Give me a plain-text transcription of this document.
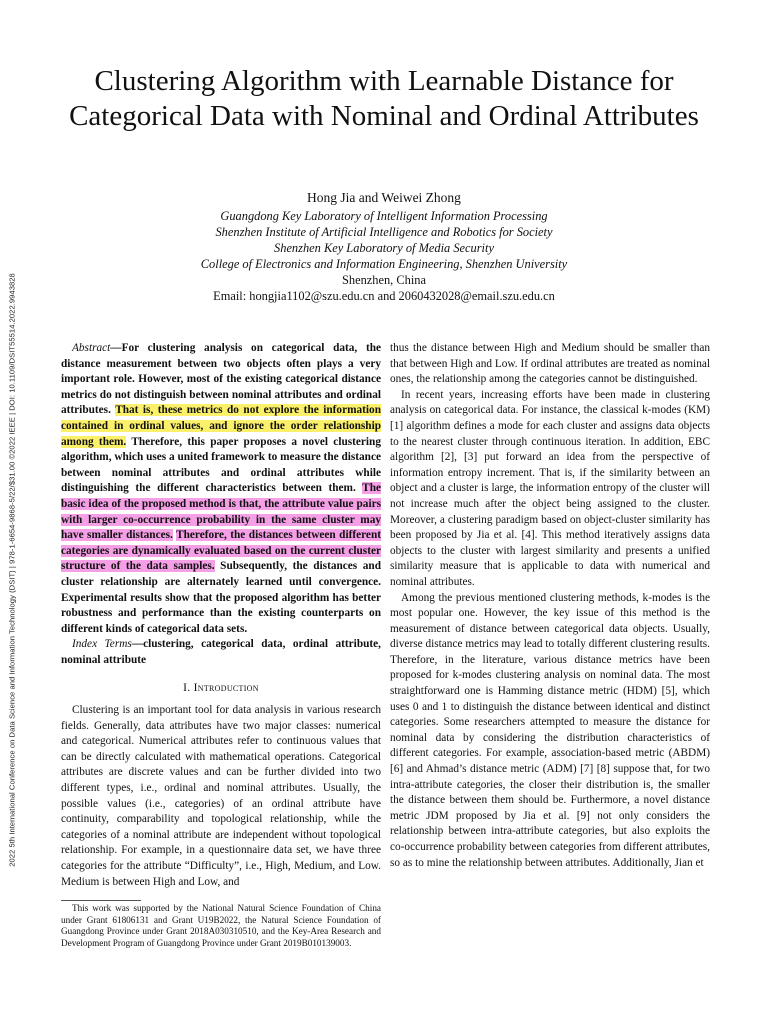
2022 5th International Conference on Data Science and Information Technology (DSIT) | 978-1-6654-9868-5/22/$31.00 ©2022 IEEE | DOI: 10.1109/DSIT55514.2022.9943828
Clustering Algorithm with Learnable Distance for Categorical Data with Nominal and Ordinal Attributes
Hong Jia and Weiwei Zhong
Guangdong Key Laboratory of Intelligent Information Processing
Shenzhen Institute of Artificial Intelligence and Robotics for Society
Shenzhen Key Laboratory of Media Security
College of Electronics and Information Engineering, Shenzhen University
Shenzhen, China
Email: hongjia1102@szu.edu.cn and 2060432028@email.szu.edu.cn

Abstract—For clustering analysis on categorical data, the distance measurement between two objects often plays a very important role. However, most of the existing categorical distance metrics do not distinguish between nominal attributes and ordinal attributes. That is, these metrics do not explore the information contained in ordinal values, and ignore the order relationship among them. Therefore, this paper proposes a novel clustering algorithm, which uses a united framework to measure the distance between nominal attributes and ordinal attributes while distinguishing the different characteristics between them. The basic idea of the proposed method is that, the attribute value pairs with larger co-occurrence probability in the same cluster may have smaller distances. Therefore, the distances between different categories are dynamically evaluated based on the current cluster structure of the data samples. Subsequently, the distances and cluster relationship are alternately learned until convergence. Experimental results show that the proposed algorithm has better robustness and performance than the existing counterparts on different kinds of categorical data sets.

Index Terms—clustering, categorical data, ordinal attribute, nominal attribute

I. Introduction

Clustering is an important tool for data analysis in various research fields. Generally, data attributes have two major classes: numerical and categorical. Numerical attributes refer to continuous values that can be directly calculated with mathematical operations. Categorical attributes are discrete values and can be further divided into two different types, i.e., ordinal and nominal attributes. Usually, the possible values (i.e., categories) of an ordinal attribute have continuity, comparability and topological relationship, while the categories of a nominal attribute are independent without topological relationship. For example, in a questionnaire data set, we have three categories for the attribute “Difficulty”, i.e., High, Medium, and Low. Medium is between High and Low, and

This work was supported by the National Natural Science Foundation of China under Grant 61806131 and Grant U19B2022, the Natural Science Foundation of Guangdong Province under Grant 2018A030310510, and the Key-Area Research and Development Program of Guangdong Province under Grant 2019B010139003.

thus the distance between High and Medium should be smaller than that between High and Low. If ordinal attributes are treated as nominal ones, the relationship among the categories cannot be distinguished.

In recent years, increasing efforts have been made in clustering analysis on categorical data. For instance, the classical k-modes (KM) [1] algorithm defines a mode for each cluster and assigns data objects to the nearest cluster through continuous iteration. In addition, EBC algorithm [2], [3] put forward an idea from the perspective of information entropy increment. That is, if the similarity between an object and a cluster is large, the information entropy of the cluster will not increase much after the object being assigned to the cluster. Moreover, a clustering paradigm based on object-cluster similarity has been proposed by Jia et al. [4]. This method iteratively assigns data objects to the cluster with largest similarity and presents a unified similarity measure that is applicable to data with numerical and nominal attributes.

Among the previous mentioned clustering methods, k-modes is the most popular one. However, the key issue of this method is the measurement of distance between categorical data objects. Usually, diverse distance metrics may lead to totally different clustering results. Therefore, in the literature, various distance metrics have been proposed for k-modes clustering analysis on nominal data. The most straightforward one is Hamming distance metric (HDM) [5], which uses 0 and 1 to distinguish the distance between identical and distinct categories. Some researchers attempted to measure the distance for nominal data by considering the distribution characteristics of different categories. For example, association-based metric (ABDM) [6] and Ahmad’s distance metric (ADM) [7] [8] suppose that, for two intra-attribute categories, the closer their distribution is, the smaller the distance between them should be. Furthermore, a novel distance metric JDM proposed by Jia et al. [9] not only considers the relationship between intra-attribute categories, but also exploits the co-occurrence probability between categories from different attributes, so as to mine the relationship between attributes. Additionally, Jian et
